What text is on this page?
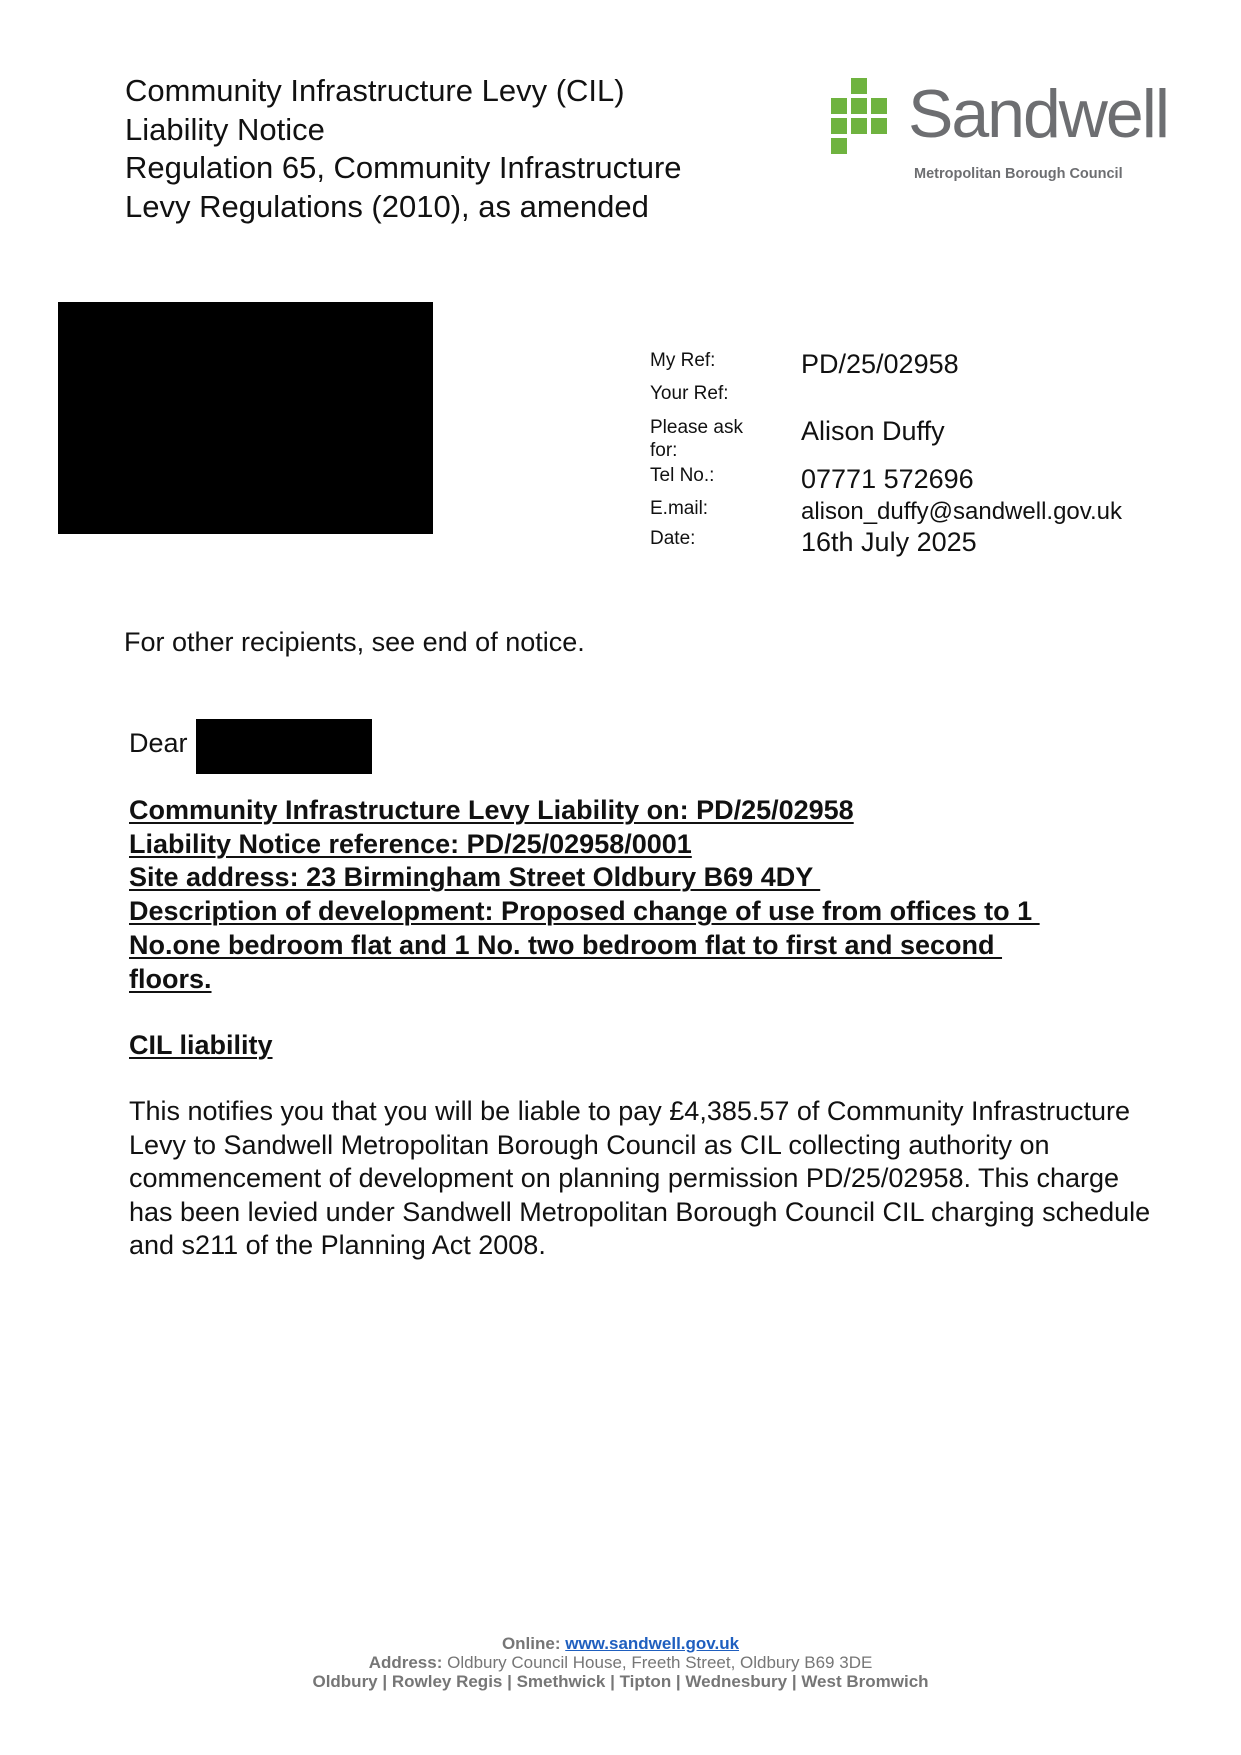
Community Infrastructure Levy (CIL)

Liability Notice

Regulation 65, Community Infrastructure

Levy Regulations (2010), as amended

Sandwell
Metropolitan Borough Council
My Ref:	PD/25/02958
Your Ref:
Please ask
for:
Alison Duffy
Tel No.:	07771 572696
E.mail:	alison_duffy@sandwell.gov.uk
Date:	16th July 2025
For other recipients, see end of notice.
Dear
Community Infrastructure Levy Liability on: PD/25/02958
Liability Notice reference: PD/25/02958/0001
Site address: 23 Birmingham Street Oldbury B69 4DY
Description of development: Proposed change of use from offices to 1
No.one bedroom flat and 1 No. two bedroom flat to first and second
floors.
CIL liability

This notifies you that you will be liable to pay £4,385.57 of Community Infrastructure Levy to Sandwell Metropolitan Borough Council as CIL collecting authority on commencement of development on planning permission PD/25/02958. This charge has been levied under Sandwell Metropolitan Borough Council CIL charging schedule and s211 of the Planning Act 2008.

Online: www.sandwell.gov.uk
Address: Oldbury Council House, Freeth Street, Oldbury B69 3DE
Oldbury | Rowley Regis | Smethwick | Tipton | Wednesbury | West Bromwich
